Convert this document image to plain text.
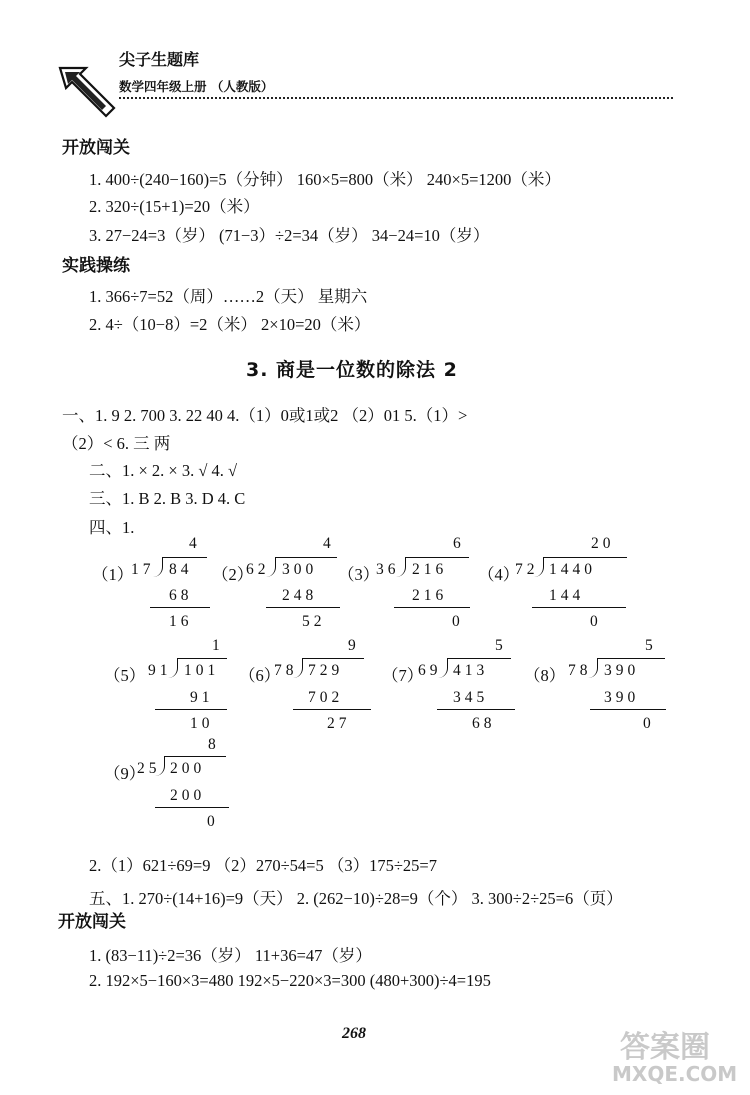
尖子生题库
数学四年级上册 （人教版）
开放闯关
1. 400÷(240−160)=5（分钟） 160×5=800（米） 240×5=1200（米）
2. 320÷(15+1)=20（米）
3. 27−24=3（岁） (71−3）÷2=34（岁） 34−24=10（岁）
实践操练
1. 366÷7=52（周）……2（天） 星期六
2. 4÷（10−8）=2（米） 2×10=20（米）
3. 商是一位数的除法 2
一、1. 9 2. 700 3. 22 40 4.（1）0或1或2 （2）01 5.（1）>
（2）< 6. 三 两
二、1. × 2. × 3. √ 4. √
三、1. B 2. B 3. D 4. C
四、1.
（1）
17
4
84
68
16
（2）
62
4
300
248
52
（3）
36
6
216
216
0
（4）
72
20
1440
144
0
（5） 91
1
101
91
10
（6）
78
9
729
702
27
（7）
69
5
413
345
68
（8） 78
5
390
390
0
（9）
25
8
200
200
0
2.（1）621÷69=9 （2）270÷54=5 （3）175÷25=7
五、1. 270÷(14+16)=9（天） 2. (262−10)÷28=9（个） 3. 300÷2÷25=6（页）
开放闯关
1. (83−11)÷2=36（岁） 11+36=47（岁）
2. 192×5−160×3=480 192×5−220×3=300 (480+300)÷4=195
268	答案圈
MXQE.COM
